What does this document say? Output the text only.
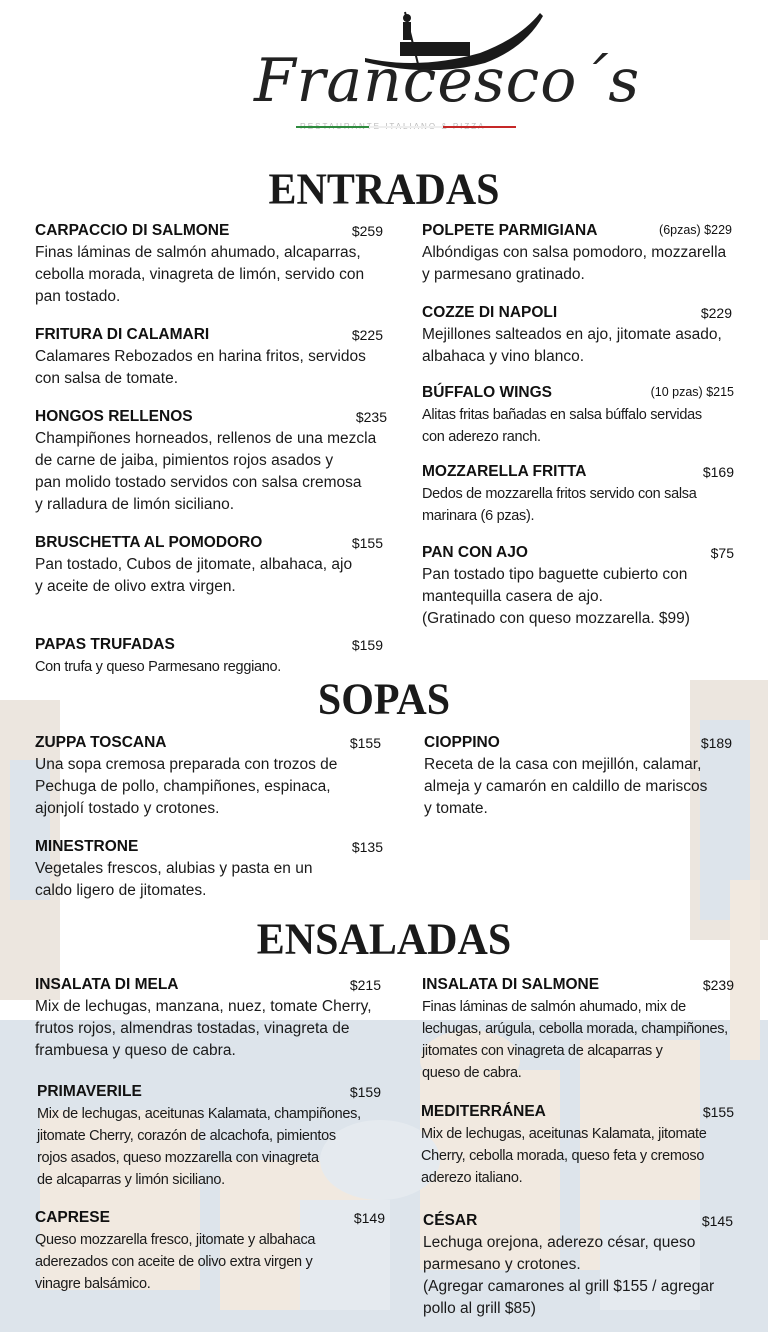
Francesco´s
ENTRADAS
CARPACCIO DI SALMONE	$259
Finas láminas de salmón ahumado, alcaparras,
cebolla morada, vinagreta de limón, servido con
pan tostado.
FRITURA DI CALAMARI	$225
Calamares Rebozados en harina fritos, servidos
con salsa de tomate.
HONGOS RELLENOS	$235
Champiñones horneados, rellenos de una mezcla
de carne de jaiba, pimientos rojos asados y
pan molido tostado servidos con salsa cremosa
y ralladura de limón siciliano.
BRUSCHETTA AL POMODORO	$155
Pan tostado, Cubos de jitomate, albahaca, ajo
y aceite de olivo extra virgen.
PAPAS TRUFADAS	$159
Con trufa y queso Parmesano reggiano.
POLPETE PARMIGIANA	(6pzas) $229
Albóndigas con salsa pomodoro, mozzarella
y parmesano gratinado.
COZZE DI NAPOLI	$229
Mejillones salteados en ajo, jitomate asado,
albahaca y vino blanco.
BÚFFALO WINGS	(10 pzas) $215
Alitas fritas bañadas en salsa búffalo servidas
con aderezo ranch.
MOZZARELLA FRITTA	$169
Dedos de mozzarella fritos servido con salsa
marinara (6 pzas).
PAN CON AJO	$75
Pan tostado tipo baguette cubierto con
mantequilla casera de ajo.
(Gratinado con queso mozzarella. $99)
SOPAS
ZUPPA TOSCANA	$155
Una sopa cremosa preparada con trozos de
Pechuga de pollo, champiñones, espinaca,
ajonjolí tostado y crotones.
MINESTRONE	$135
Vegetales frescos, alubias y pasta en un
caldo ligero de jitomates.
CIOPPINO	$189
Receta de la casa con mejillón, calamar,
almeja y camarón en caldillo de mariscos
y tomate.
ENSALADAS
INSALATA DI MELA	$215
Mix de lechugas, manzana, nuez, tomate Cherry,
frutos rojos, almendras tostadas, vinagreta de
frambuesa y queso de cabra.
PRIMAVERILE	$159
Mix de lechugas, aceitunas Kalamata, champiñones,
jitomate Cherry, corazón de alcachofa, pimientos
rojos asados, queso mozzarella con vinagreta
de alcaparras y limón siciliano.
CAPRESE	$149
Queso mozzarella fresco, jitomate y albahaca
aderezados con aceite de olivo extra virgen y
vinagre balsámico.
INSALATA DI SALMONE	$239
Finas láminas de salmón ahumado, mix de
lechugas, arúgula, cebolla morada, champiñones,
jitomates con vinagreta de alcaparras y
queso de cabra.
MEDITERRÁNEA	$155
Mix de lechugas, aceitunas Kalamata, jitomate
Cherry, cebolla morada, queso feta y cremoso
aderezo italiano.
CÉSAR	$145
Lechuga orejona, aderezo césar, queso
parmesano y crotones.
(Agregar camarones al grill $155 / agregar
pollo al grill $85)
